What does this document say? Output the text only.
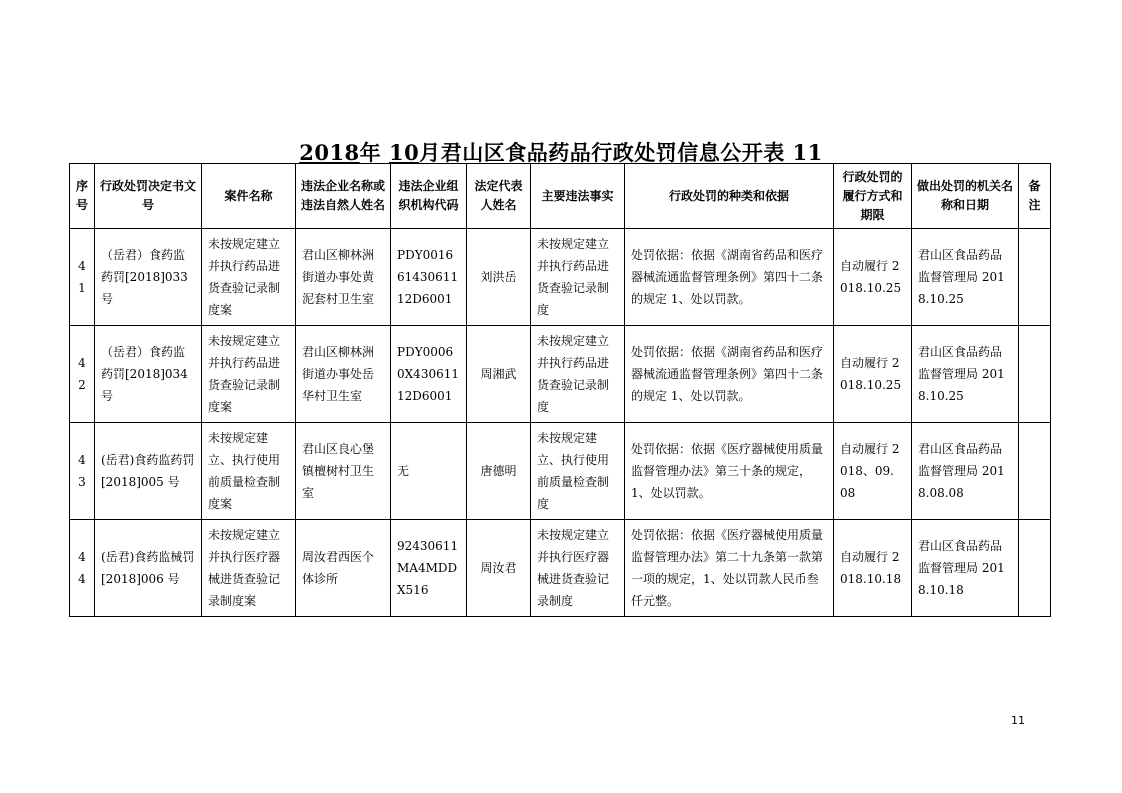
2018年 10月君山区食品药品行政处罚信息公开表 11
序号	行政处罚决定书文号	案件名称	违法企业名称或违法自然人姓名	违法企业组织机构代码	法定代表人姓名	主要违法事实	行政处罚的种类和依据	行政处罚的履行方式和期限	做出处罚的机关名称和日期	备注
41	（岳君）食药监药罚[2018]033号	未按规定建立并执行药品进货查验记录制度案	君山区柳林洲街道办事处黄泥套村卫生室	PDY00166143061112D6001	刘洪岳	未按规定建立并执行药品进货查验记录制度	处罚依据：依据《湖南省药品和医疗器械流通监督管理条例》第四十二条的规定 1、处以罚款。	自动履行 2018.10.25	君山区食品药品监督管理局 2018.10.25	
42	（岳君）食药监药罚[2018]034号	未按规定建立并执行药品进货查验记录制度案	君山区柳林洲街道办事处岳华村卫生室	PDY00060X43061112D6001	周湘武	未按规定建立并执行药品进货查验记录制度	处罚依据：依据《湖南省药品和医疗器械流通监督管理条例》第四十二条的规定 1、处以罚款。	自动履行 2018.10.25	君山区食品药品监督管理局 2018.10.25	
43	(岳君)食药监药罚[2018]005 号	未按规定建立、执行使用前质量检查制度案	君山区良心堡镇檀树村卫生室	无	唐德明	未按规定建立、执行使用前质量检查制度	处罚依据：依据《医疗器械使用质量监督管理办法》第三十条的规定，1、处以罚款。	自动履行 2018、09. 08	君山区食品药品监督管理局 2018.08.08	
44	(岳君)食药监械罚[2018]006 号	未按规定建立并执行医疗器械进货查验记录制度案	周汝君西医个体诊所	92430611MA4MDDX516	周汝君	未按规定建立并执行医疗器械进货查验记录制度	处罚依据：依据《医疗器械使用质量监督管理办法》第二十九条第一款第一项的规定，1、处以罚款人民币叁仟元整。	自动履行 2018.10.18	君山区食品药品监督管理局 2018.10.18	
11
